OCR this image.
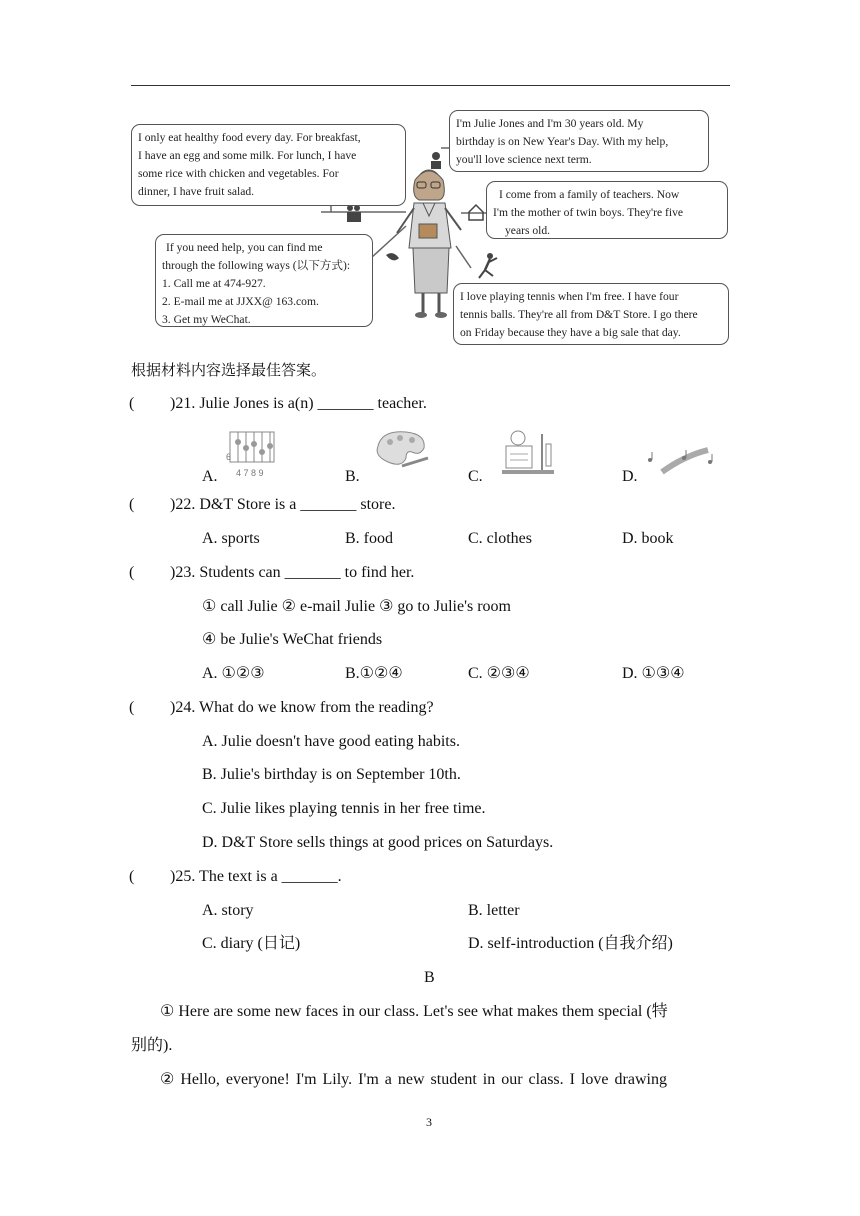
I only eat healthy food every day. For breakfast,
I have an egg and some milk. For lunch, I have
some rice with chicken and vegetables. For
dinner, I have fruit salad.
I'm Julie Jones and I'm 30 years old. My
birthday is on New Year's Day. With my help,
you'll love science next term.
I come from a family of teachers. Now
I'm the mother of twin boys. They're five
years old.
If you need help, you can find me
through the following ways (以下方式):
1. Call me at 474-927.
2. E-mail me at JJXX@ 163.com.
3. Get my WeChat.
I love playing tennis when I'm free. I have four
tennis balls. They're all from D&T Store. I go there
on Friday because they have a big sale that day.
根据材料内容选择最佳答案。
( )21. Julie Jones is a(n) _______ teacher.
A.
6
4 7 8 9	B.	C.	D.
( )22. D&T Store is a _______ store.
A. sports	B. food	C. clothes	D. book
( )23. Students can _______ to find her.
① call Julie ② e-mail Julie ③ go to Julie's room
④ be Julie's WeChat friends
A. ①②③	B.①②④	C. ②③④	D. ①③④
( )24. What do we know from the reading?
A. Julie doesn't have good eating habits.
B. Julie's birthday is on September 10th.
C. Julie likes playing tennis in her free time.
D. D&T Store sells things at good prices on Saturdays.
( )25. The text is a _______.
A. story	B. letter
C. diary (日记)	D. self-introduction (自我介绍)
B
① Here are some new faces in our class. Let's see what makes them special (特
别的).
② Hello, everyone! I'm Lily. I'm a new student in our class. I love drawing
3
